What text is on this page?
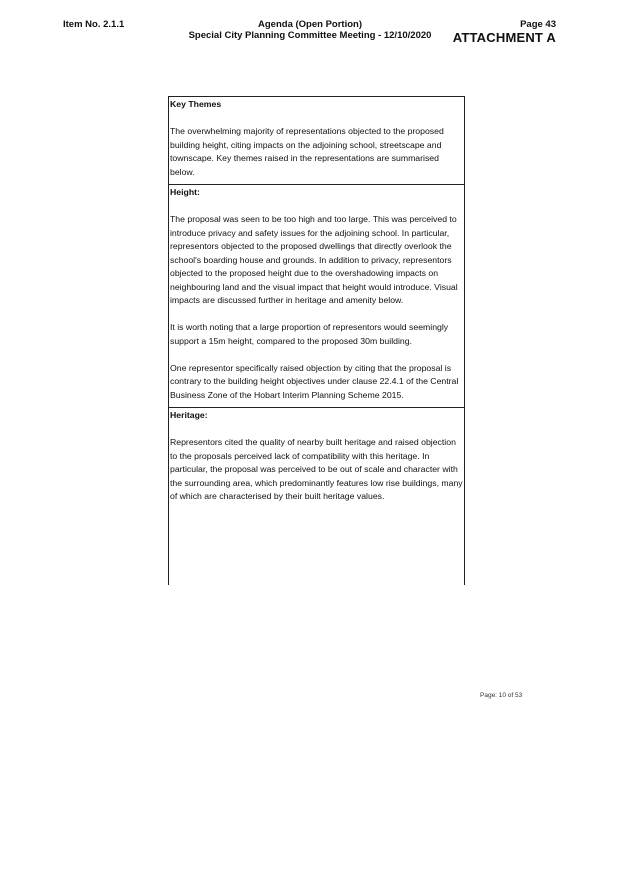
Item No. 2.1.1	Agenda (Open Portion)
Special City Planning Committee Meeting - 12/10/2020
Page 43
ATTACHMENT A
Key Themes

The overwhelming majority of representations objected to the proposed building height, citing impacts on the adjoining school, streetscape and townscape. Key themes raised in the representations are summarised below.

Height:

The proposal was seen to be too high and too large. This was perceived to introduce privacy and safety issues for the adjoining school. In particular, representors objected to the proposed dwellings that directly overlook the school's boarding house and grounds. In addition to privacy, representors objected to the proposed height due to the overshadowing impacts on neighbouring land and the visual impact that height would introduce. Visual impacts are discussed further in heritage and amenity below.

It is worth noting that a large proportion of representors would seemingly support a 15m height, compared to the proposed 30m building.

One representor specifically raised objection by citing that the proposal is contrary to the building height objectives under clause 22.4.1 of the Central Business Zone of the Hobart Interim Planning Scheme 2015.

Heritage:

Representors cited the quality of nearby built heritage and raised objection to the proposals perceived lack of compatibility with this heritage. In particular, the proposal was perceived to be out of scale and character with the surrounding area, which predominantly features low rise buildings, many of which are characterised by their built heritage values.

Page: 10 of 53
